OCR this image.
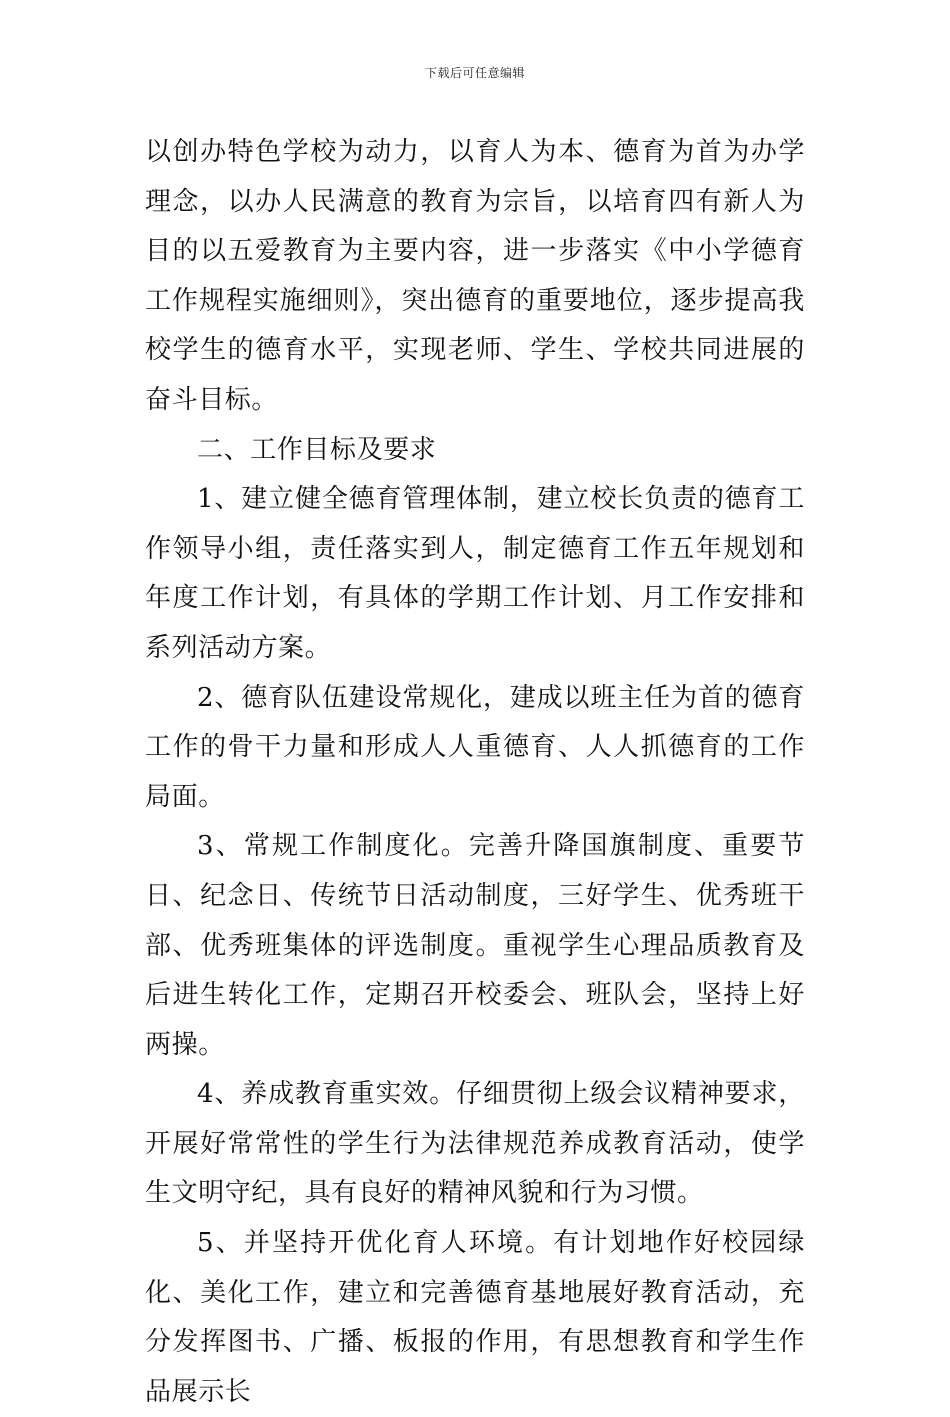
下载后可任意编辑

以创办特色学校为动力，以育人为本、德育为首为办学理念，以办人民满意的教育为宗旨，以培育四有新人为目的以五爱教育为主要内容，进一步落实《中小学德育工作规程实施细则》，突出德育的重要地位，逐步提高我校学生的德育水平，实现老师、学生、学校共同进展的奋斗目标。

二、工作目标及要求

1、建立健全德育管理体制，建立校长负责的德育工作领导小组，责任落实到人，制定德育工作五年规划和年度工作计划，有具体的学期工作计划、月工作安排和系列活动方案。

2、德育队伍建设常规化，建成以班主任为首的德育工作的骨干力量和形成人人重德育、人人抓德育的工作局面。

3、常规工作制度化。完善升降国旗制度、重要节日、纪念日、传统节日活动制度，三好学生、优秀班干部、优秀班集体的评选制度。重视学生心理品质教育及后进生转化工作，定期召开校委会、班队会，坚持上好两操。

4、养成教育重实效。仔细贯彻上级会议精神要求，开展好常常性的学生行为法律规范养成教育活动，使学生文明守纪，具有良好的精神风貌和行为习惯。

5、并坚持开优化育人环境。有计划地作好校园绿化、美化工作，建立和完善德育基地展好教育活动，充分发挥图书、广播、板报的作用，有思想教育和学生作品展示长
